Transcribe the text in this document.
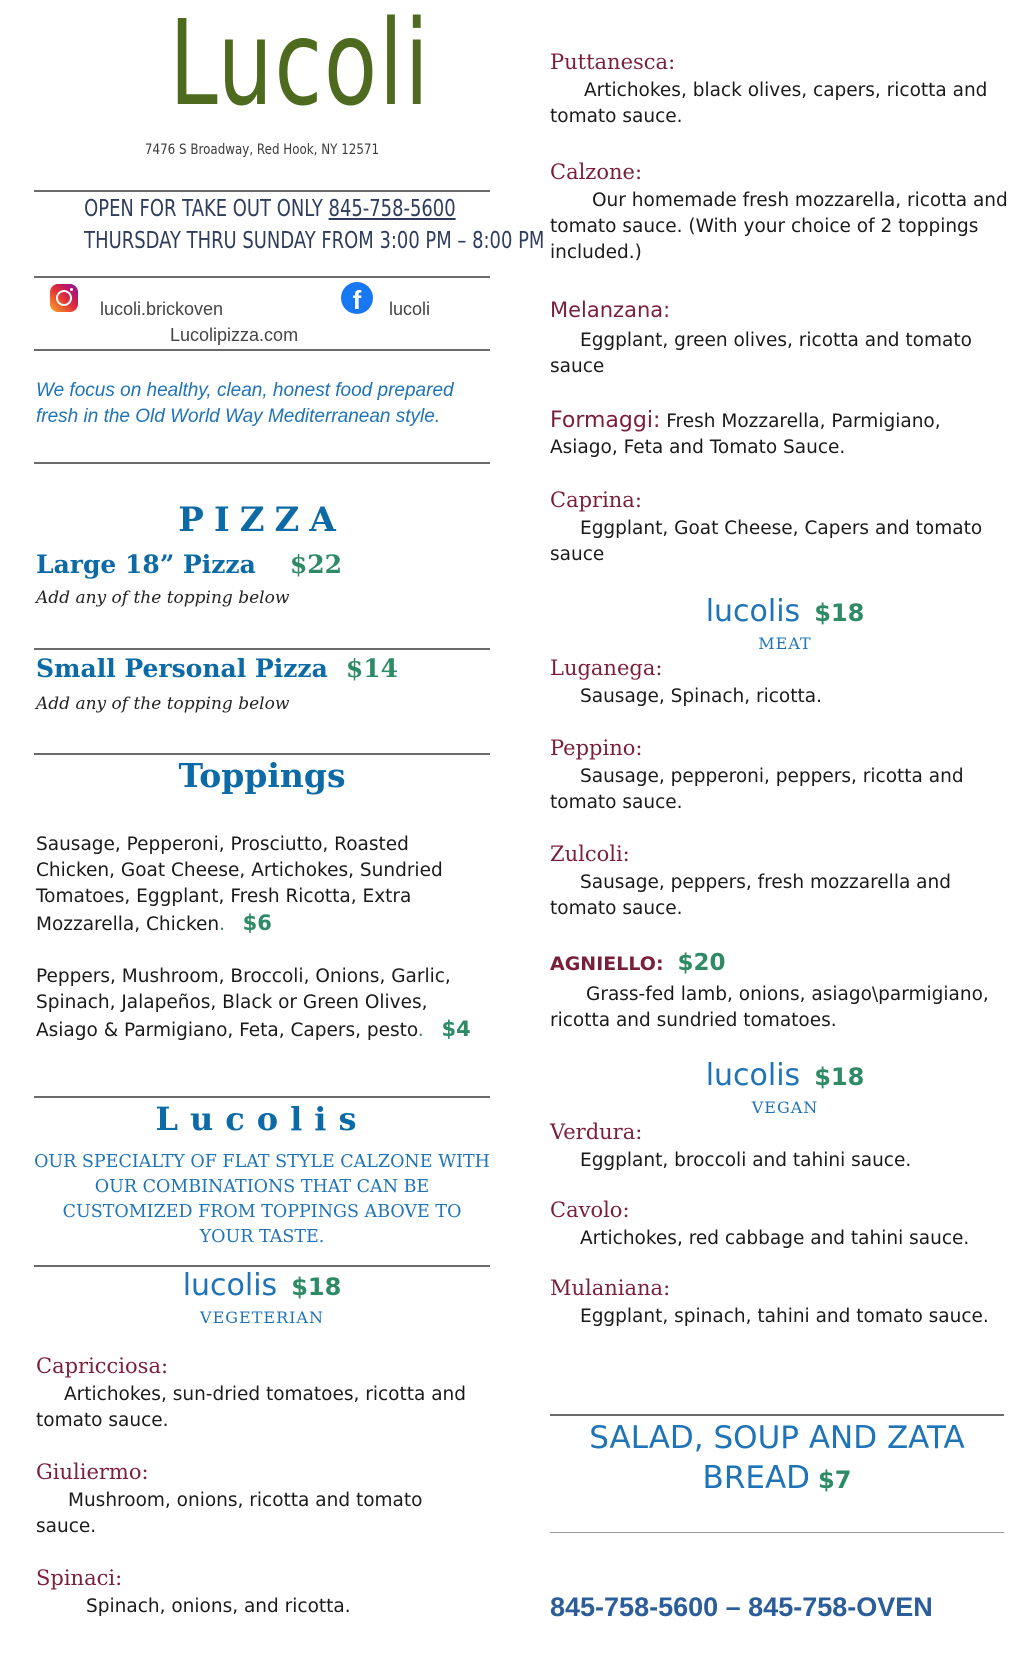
Lucoli
7476 S Broadway, Red Hook, NY 12571
OPEN FOR TAKE OUT ONLY 845-758-5600
THURSDAY THRU SUNDAY FROM 3:00 PM – 8:00 PM
lucoli.brickoven	f	lucoli
Lucolipizza.com
We focus on healthy, clean, honest food prepared fresh in the Old World Way Mediterranean style.
PIZZA
Large 18” Pizza $22
Add any of the topping below
Small Personal Pizza $14
Add any of the topping below
Toppings
Sausage, Pepperoni, Prosciutto, Roasted Chicken, Goat Cheese, Artichokes, Sundried Tomatoes, Eggplant, Fresh Ricotta, Extra Mozzarella, Chicken. $6
Peppers, Mushroom, Broccoli, Onions, Garlic, Spinach, Jalapeños, Black or Green Olives, Asiago & Parmigiano, Feta, Capers, pesto. $4
Lucolis
OUR SPECIALTY OF FLAT STYLE CALZONE WITH OUR COMBINATIONS THAT CAN BE CUSTOMIZED FROM TOPPINGS ABOVE TO YOUR TASTE.
lucolis $18
VEGETERIAN
Capricciosa:
Artichokes, sun-dried tomatoes, ricotta and tomato sauce.
Giuliermo:
Mushroom, onions, ricotta and tomato sauce.
Spinaci:
Spinach, onions, and ricotta.
Puttanesca:
Artichokes, black olives, capers, ricotta and tomato sauce.
Calzone:
Our homemade fresh mozzarella, ricotta and tomato sauce. (With your choice of 2 toppings included.)
Melanzana:
Eggplant, green olives, ricotta and tomato sauce
Formaggi: Fresh Mozzarella, Parmigiano, Asiago, Feta and Tomato Sauce.
Caprina:
Eggplant, Goat Cheese, Capers and tomato sauce
lucolis $18
MEAT
Luganega:
Sausage, Spinach, ricotta.
Peppino:
Sausage, pepperoni, peppers, ricotta and tomato sauce.
Zulcoli:
Sausage, peppers, fresh mozzarella and tomato sauce.
AGNIELLO: $20
Grass-fed lamb, onions, asiago\parmigiano, ricotta and sundried tomatoes.
lucolis $18
VEGAN
Verdura:
Eggplant, broccoli and tahini sauce.
Cavolo:
Artichokes, red cabbage and tahini sauce.
Mulaniana:
Eggplant, spinach, tahini and tomato sauce.
SALAD, SOUP AND ZATA
BREAD $7
845-758-5600 – 845-758-OVEN
